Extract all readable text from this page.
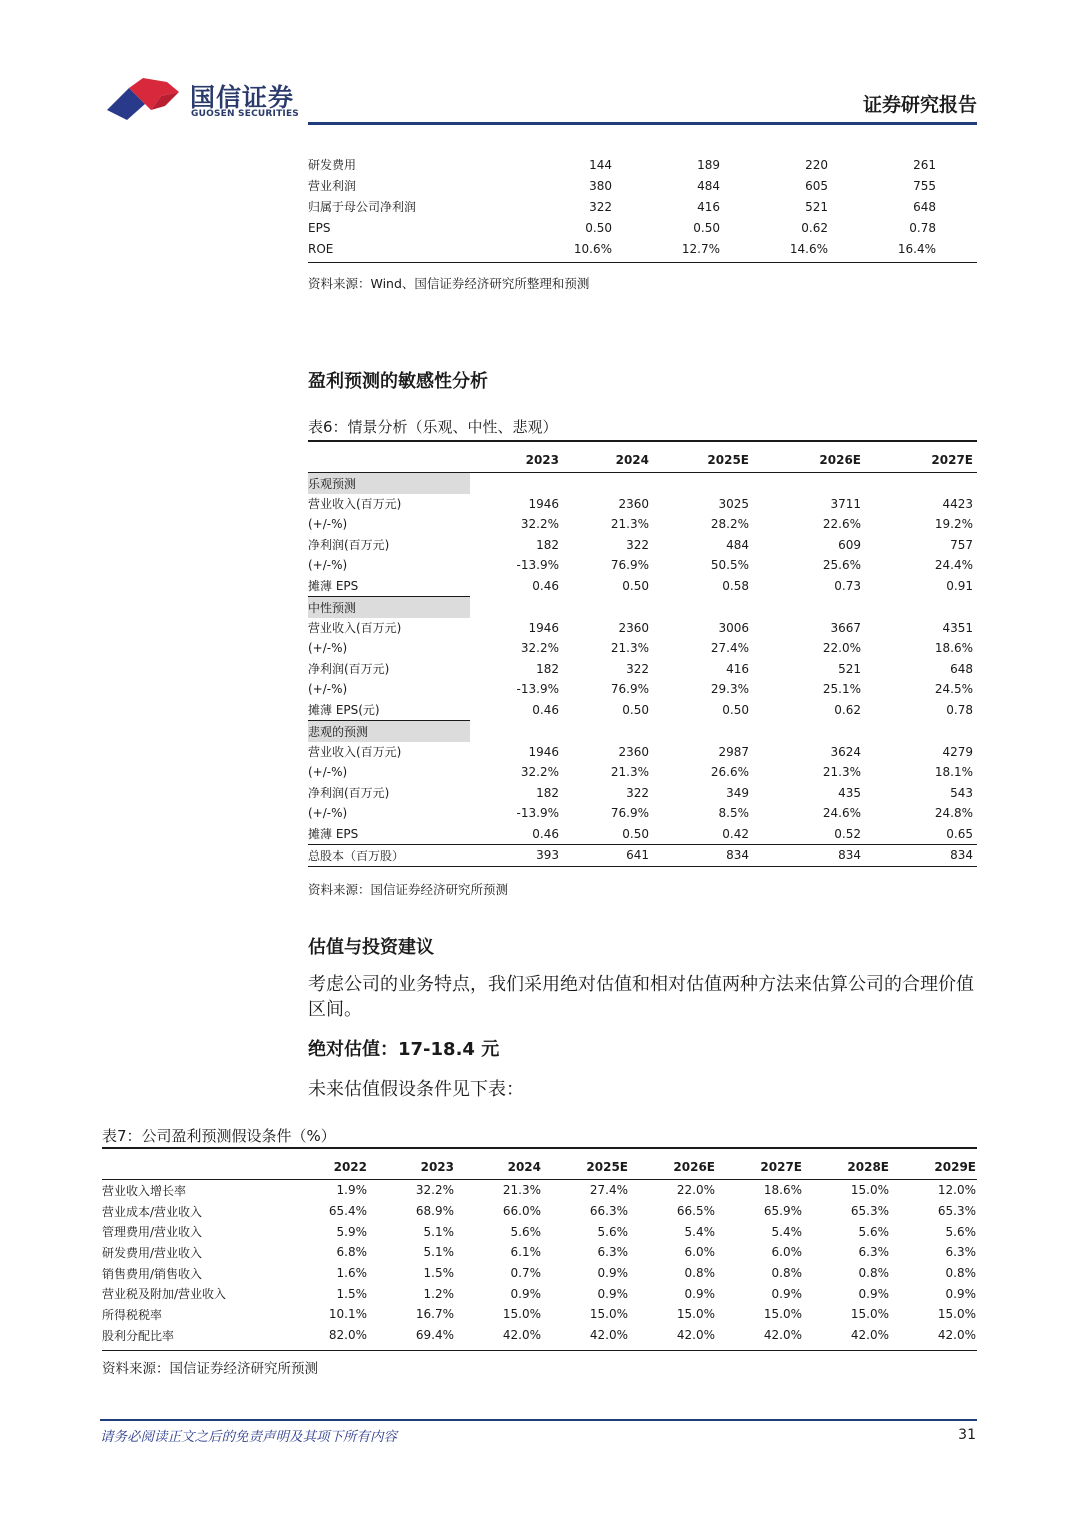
国信证券
GUOSEN SECURITIES	证券研究报告
研发费用	144	189	220	261	
营业利润	380	484	605	755	
归属于母公司净利润	322	416	521	648	
EPS	0.50	0.50	0.62	0.78	
ROE	10.6%	12.7%	14.6%	16.4%	
资料来源：Wind、国信证券经济研究所整理和预测
盈利预测的敏感性分析
表6：情景分析（乐观、中性、悲观）
	2023	2024	2025E	2026E	2027E	
乐观预测						
营业收入(百万元)	1946	2360	3025	3711	4423	
(+/-%)	32.2%	21.3%	28.2%	22.6%	19.2%	
净利润(百万元)	182	322	484	609	757	
(+/-%)	-13.9%	76.9%	50.5%	25.6%	24.4%	
摊薄 EPS	0.46	0.50	0.58	0.73	0.91	
中性预测						
营业收入(百万元)	1946	2360	3006	3667	4351	
(+/-%)	32.2%	21.3%	27.4%	22.0%	18.6%	
净利润(百万元)	182	322	416	521	648	
(+/-%)	-13.9%	76.9%	29.3%	25.1%	24.5%	
摊薄 EPS(元)	0.46	0.50	0.50	0.62	0.78	
悲观的预测						
营业收入(百万元)	1946	2360	2987	3624	4279	
(+/-%)	32.2%	21.3%	26.6%	21.3%	18.1%	
净利润(百万元)	182	322	349	435	543	
(+/-%)	-13.9%	76.9%	8.5%	24.6%	24.8%	
摊薄 EPS	0.46	0.50	0.42	0.52	0.65	
总股本（百万股）	393	641	834	834	834	
资料来源：国信证券经济研究所预测
估值与投资建议
考虑公司的业务特点，我们采用绝对估值和相对估值两种方法来估算公司的合理价值区间。
绝对估值：17-18.4 元
未来估值假设条件见下表：
表7：公司盈利预测假设条件（%）
	2022	2023	2024	2025E	2026E	2027E	2028E	2029E	
营业收入增长率	1.9%	32.2%	21.3%	27.4%	22.0%	18.6%	15.0%	12.0%	
营业成本/营业收入	65.4%	68.9%	66.0%	66.3%	66.5%	65.9%	65.3%	65.3%	
管理费用/营业收入	5.9%	5.1%	5.6%	5.6%	5.4%	5.4%	5.6%	5.6%	
研发费用/营业收入	6.8%	5.1%	6.1%	6.3%	6.0%	6.0%	6.3%	6.3%	
销售费用/销售收入	1.6%	1.5%	0.7%	0.9%	0.8%	0.8%	0.8%	0.8%	
营业税及附加/营业收入	1.5%	1.2%	0.9%	0.9%	0.9%	0.9%	0.9%	0.9%	
所得税税率	10.1%	16.7%	15.0%	15.0%	15.0%	15.0%	15.0%	15.0%	
股利分配比率	82.0%	69.4%	42.0%	42.0%	42.0%	42.0%	42.0%	42.0%	
资料来源：国信证券经济研究所预测
请务必阅读正文之后的免责声明及其项下所有内容	31
